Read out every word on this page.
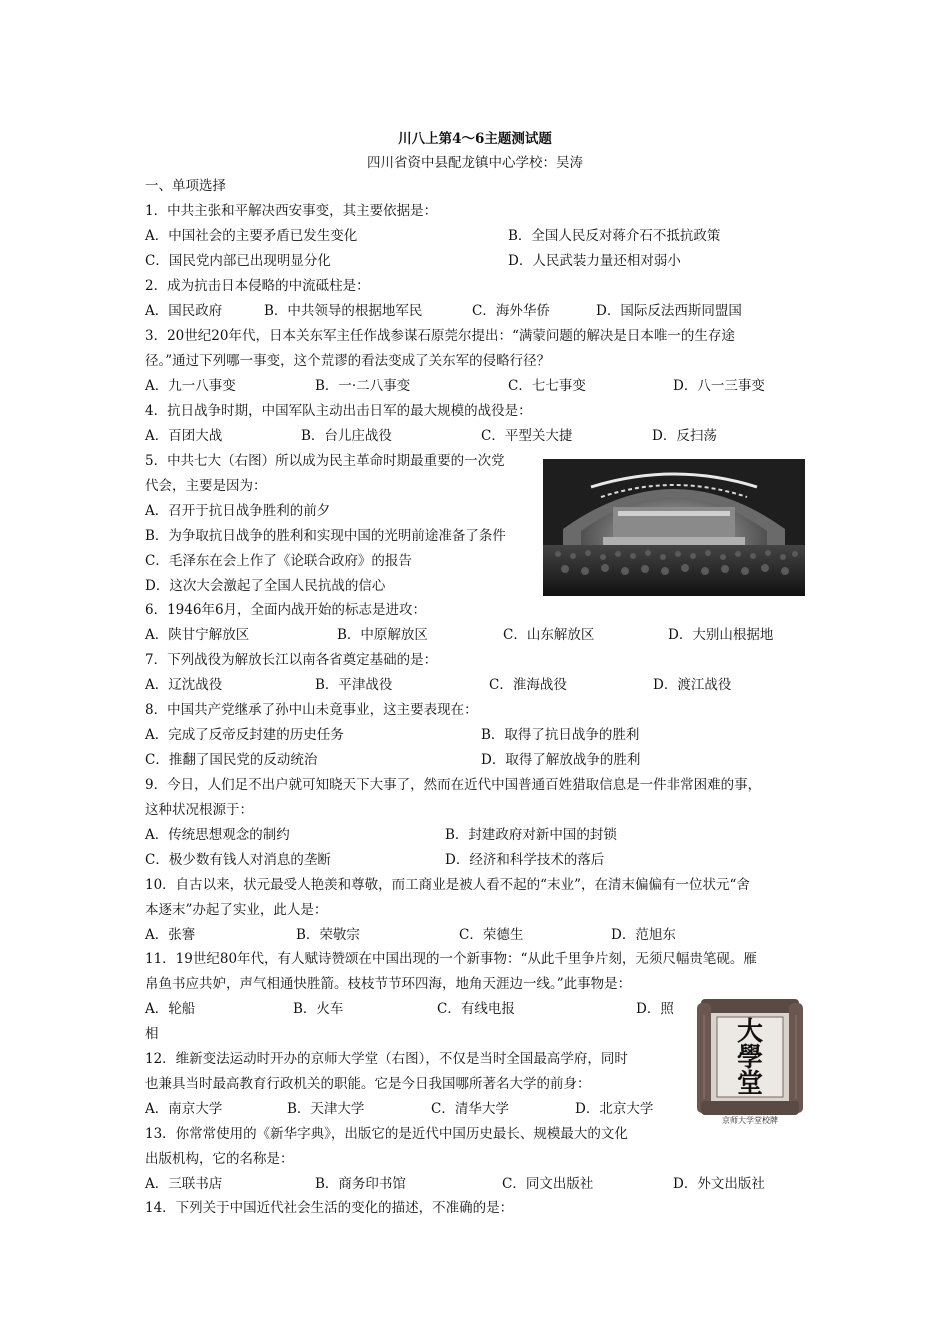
川八上第4～6主题测试题
四川省资中县配龙镇中心学校：吴涛
一、单项选择
1．中共主张和平解决西安事变，其主要依据是：
A．中国社会的主要矛盾已发生变化	B．全国人民反对蒋介石不抵抗政策
C．国民党内部已出现明显分化	D．人民武装力量还相对弱小
2．成为抗击日本侵略的中流砥柱是：
A．国民政府	B．中共领导的根据地军民	C．海外华侨	D．国际反法西斯同盟国
3．20世纪20年代，日本关东军主任作战参谋石原莞尔提出：“满蒙问题的解决是日本唯一的生存途
径。”通过下列哪一事变，这个荒谬的看法变成了关东军的侵略行径？
A．九一八事变	B．一·二八事变	C．七七事变	D．八一三事变
4．抗日战争时期，中国军队主动出击日军的最大规模的战役是：
A．百团大战	B．台儿庄战役	C．平型关大捷	D．反扫荡
5．中共七大（右图）所以成为民主革命时期最重要的一次党
代会，主要是因为：
A．召开于抗日战争胜利的前夕
B．为争取抗日战争的胜利和实现中国的光明前途准备了条件
C．毛泽东在会上作了《论联合政府》的报告
D．这次大会激起了全国人民抗战的信心
6．1946年6月，全面内战开始的标志是进攻：
A．陕甘宁解放区	B．中原解放区	C．山东解放区	D．大别山根据地
7．下列战役为解放长江以南各省奠定基础的是：
A．辽沈战役	B．平津战役	C．淮海战役	D．渡江战役
8．中国共产党继承了孙中山未竟事业，这主要表现在：
A．完成了反帝反封建的历史任务	B．取得了抗日战争的胜利
C．推翻了国民党的反动统治	D．取得了解放战争的胜利
9．今日，人们足不出户就可知晓天下大事了，然而在近代中国普通百姓猎取信息是一件非常困难的事，
这种状况根源于：
A．传统思想观念的制约	B．封建政府对新中国的封锁
C．极少数有钱人对消息的垄断	D．经济和科学技术的落后
10．自古以来，状元最受人艳羡和尊敬，而工商业是被人看不起的“末业”，在清末偏偏有一位状元“舍
本逐末”办起了实业，此人是：
A．张謇	B．荣敬宗	C．荣德生	D．范旭东
11．19世纪80年代，有人赋诗赞颂在中国出现的一个新事物：“从此千里争片刻，无须尺幅贵笔砚。雁
帛鱼书应共妒，声气相通快胜箭。枝枝节节环四海，地角天涯边一线。”此事物是：
A．轮船	B．火车	C．有线电报	D．照
相
12．维新变法运动时开办的京师大学堂（右图），不仅是当时全国最高学府，同时
也兼具当时最高教育行政机关的职能。它是今日我国哪所著名大学的前身：
A．南京大学	B．天津大学	C．清华大学	D．北京大学
大學堂
京师大学堂校牌
13．你常常使用的《新华字典》，出版它的是近代中国历史最长、规模最大的文化
出版机构，它的名称是：
A．三联书店	B．商务印书馆	C．同文出版社	D．外文出版社
14．下列关于中国近代社会生活的变化的描述，不准确的是：
